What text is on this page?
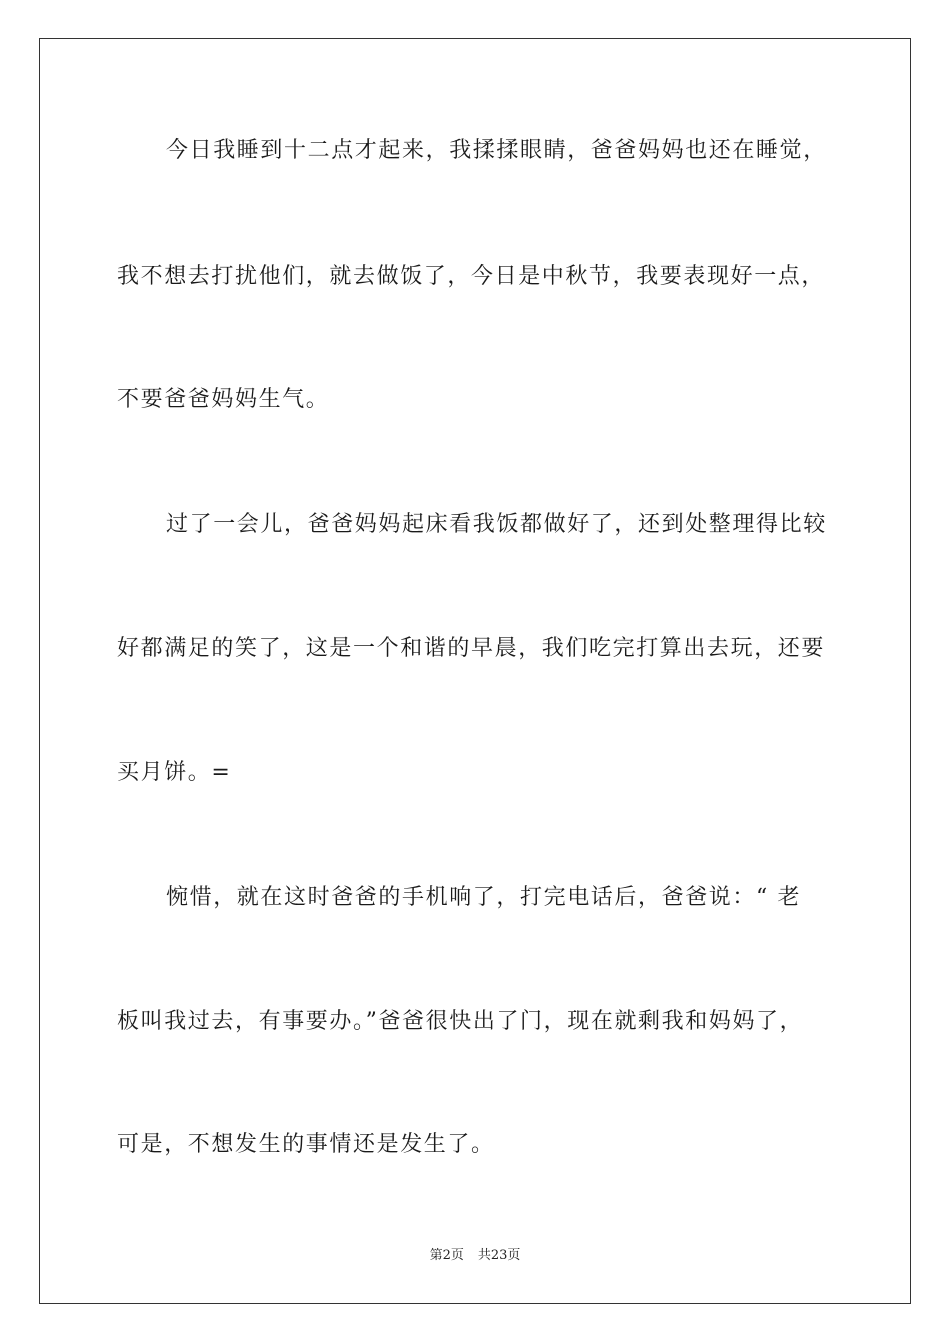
今日我睡到十二点才起来，我揉揉眼睛，爸爸妈妈也还在睡觉，
我不想去打扰他们，就去做饭了，今日是中秋节，我要表现好一点，
不要爸爸妈妈生气。
过了一会儿，爸爸妈妈起床看我饭都做好了，还到处整理得比较
好都满足的笑了，这是一个和谐的早晨，我们吃完打算出去玩，还要
买月饼。=
惋惜，就在这时爸爸的手机响了，打完电话后，爸爸说：“ 老
板叫我过去，有事要办。”爸爸很快出了门，现在就剩我和妈妈了，
可是，不想发生的事情还是发生了。
第2页 共23页
